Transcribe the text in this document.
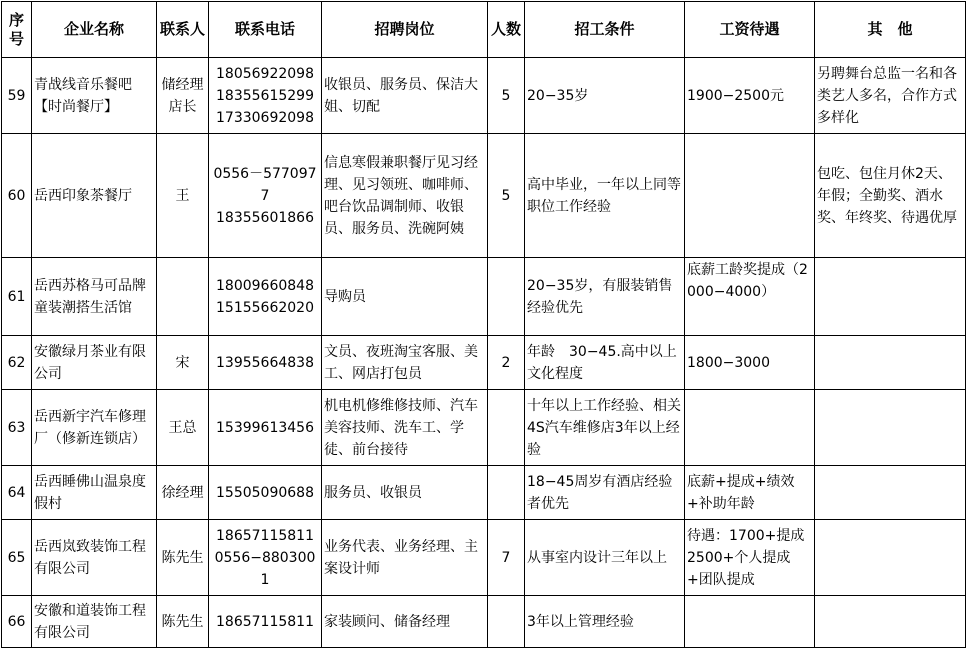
序号	企业名称	联系人	联系电话	招聘岗位	人数	招工条件	工资待遇	其　他
59	青战线音乐餐吧【时尚餐厅】	储经理店长	18056922098
18355615299
17330692098	收银员、服务员、保洁大姐、切配	5	20−35岁	1900−2500元	另聘舞台总监一名和各类艺人多名，合作方式多样化
60	岳西印象茶餐厅	王	0556－5770977
18355601866	信息寒假兼职餐厅见习经理、见习领班、咖啡师、吧台饮品调制师、收银员、服务员、洗碗阿姨	5	高中毕业，一年以上同等职位工作经验		包吃、包住月休2天、年假；全勤奖、酒水奖、年终奖、待遇优厚
61	岳西苏格马可品牌童装潮搭生活馆		18009660848
15155662020	导购员		20−35岁，有服装销售经验优先	底薪工龄奖提成（2000−4000）	
62	安徽绿月茶业有限公司	宋	13955664838	文员、夜班淘宝客服、美工、网店打包员	2	年龄　30−45.高中以上文化程度	1800−3000	
63	岳西新宇汽车修理厂（修新连锁店）	王总	15399613456	机电机修维修技师、汽车美容技师、洗车工、学徒、前台接待		十年以上工作经验、相关4S汽车维修店3年以上经验		
64	岳西睡佛山温泉度假村	徐经理	15505090688	服务员、收银员		18−45周岁有酒店经验者优先	底薪+提成+绩效+补助年龄	
65	岳西岚致装饰工程有限公司	陈先生	18657115811
0556−8803001	业务代表、业务经理、主案设计师	7	从事室内设计三年以上	待遇：1700+提成2500+个人提成+团队提成	
66	安徽和道装饰工程有限公司	陈先生	18657115811	家装顾问、储备经理		3年以上管理经验		
